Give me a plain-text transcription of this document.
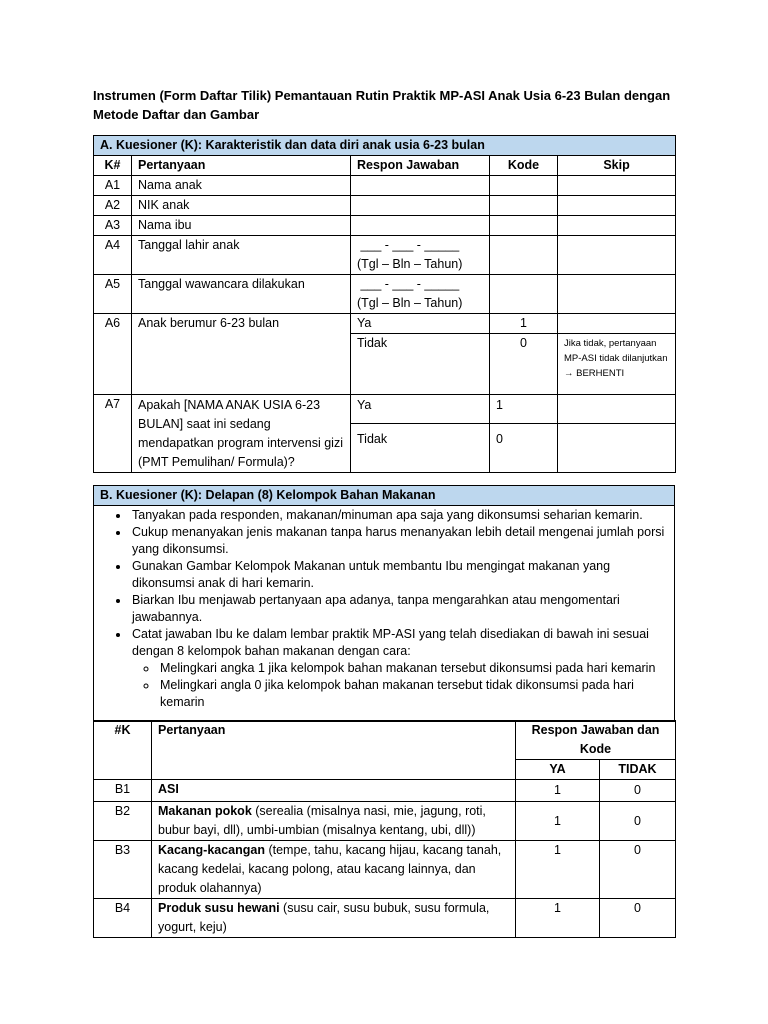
Instrumen (Form Daftar Tilik) Pemantauan Rutin Praktik MP-ASI Anak Usia 6-23 Bulan dengan Metode Daftar dan Gambar
A. Kuesioner (K): Karakteristik dan data diri anak usia 6-23 bulan				
K#	Pertanyaan	Respon Jawaban	Kode	Skip
A1	Nama anak			
A2	NIK anak			
A3	Nama ibu			
A4	Tanggal lahir anak	___ - ___ - _____
(Tgl – Bln – Tahun)		

A5	Tanggal wawancara dilakukan	___ - ___ - _____
(Tgl – Bln – Tahun)		

A6	Anak berumur 6-23 bulan	Ya	1	
		Tidak	0	Jika tidak, pertanyaan MP-ASI tidak dilanjutkan → BERHENTI
A7	Apakah [NAMA ANAK USIA 6-23 BULAN] saat ini sedang mendapatkan program intervensi gizi (PMT Pemulihan/ Formula)?	Ya	1	
		Tidak	0	
B. Kuesioner (K): Delapan (8) Kelompok Bahan Makanan

• Tanyakan pada responden, makanan/minuman apa saja yang dikonsumsi seharian kemarin.
• Cukup menanyakan jenis makanan tanpa harus menanyakan lebih detail mengenai jumlah porsi yang dikonsumsi.
• Gunakan Gambar Kelompok Makanan untuk membantu Ibu mengingat makanan yang dikonsumsi anak di hari kemarin.
• Biarkan Ibu menjawab pertanyaan apa adanya, tanpa mengarahkan atau mengomentari jawabannya.
• Catat jawaban Ibu ke dalam lembar praktik MP-ASI yang telah disediakan di bawah ini sesuai dengan 8 kelompok bahan makanan dengan cara:
◦ Melingkari angka 1 jika kelompok bahan makanan tersebut dikonsumsi pada hari kemarin
◦ Melingkari angla 0 jika kelompok bahan makanan tersebut tidak dikonsumsi pada hari kemarin
#K	Pertanyaan	Respon Jawaban dan Kode	
		YA	TIDAK
B1	ASI	1	0
B2	Makanan pokok (serealia (misalnya nasi, mie, jagung, roti, bubur bayi, dll), umbi-umbian (misalnya kentang, ubi, dll))	1	0
B3	Kacang-kacangan (tempe, tahu, kacang hijau, kacang tanah, kacang kedelai, kacang polong, atau kacang lainnya, dan produk olahannya)	1	0
B4	Produk susu hewani (susu cair, susu bubuk, susu formula, yogurt, keju)	1	0
